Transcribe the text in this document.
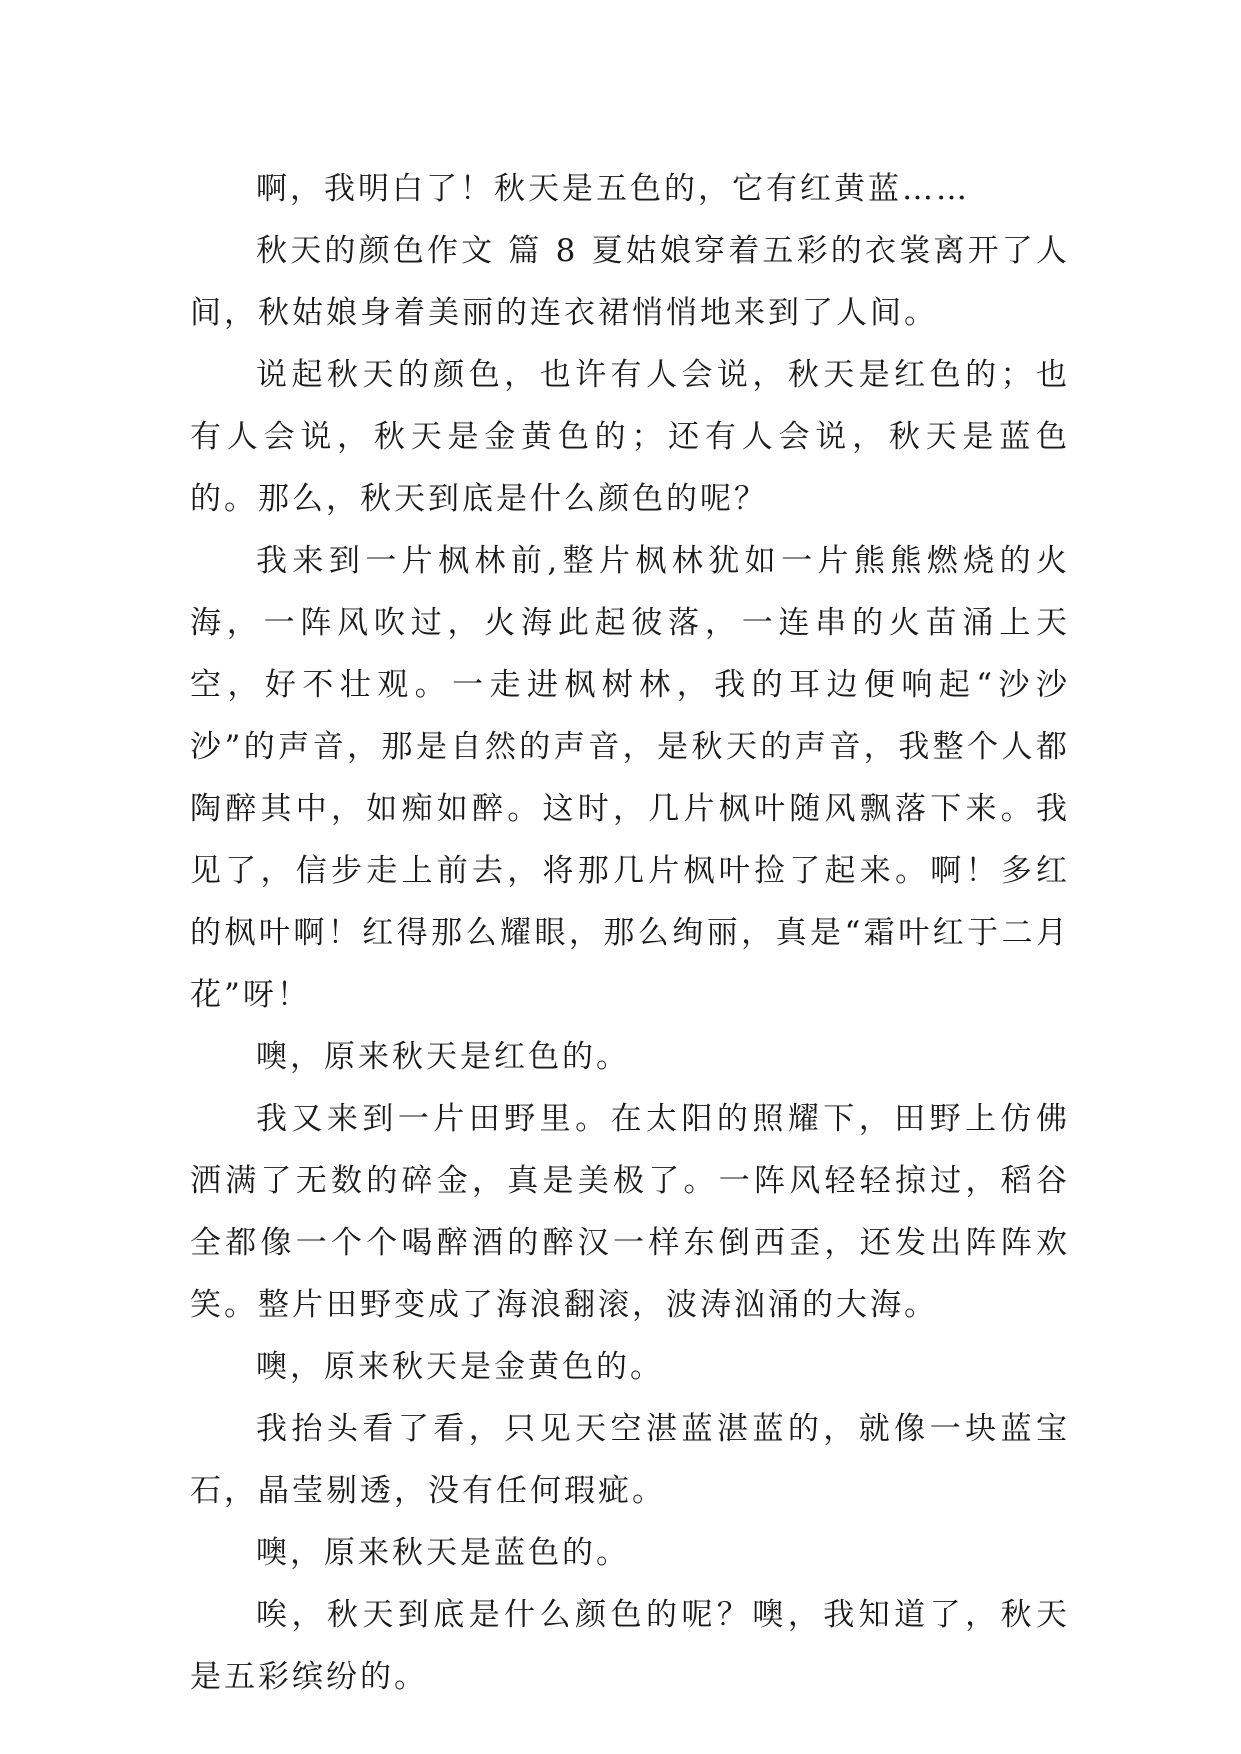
啊，我明白了！秋天是五色的，它有红黄蓝……

秋天的颜色作文 篇 8 夏姑娘穿着五彩的衣裳离开了人间，秋姑娘身着美丽的连衣裙悄悄地来到了人间。

说起秋天的颜色，也许有人会说，秋天是红色的；也有人会说，秋天是金黄色的；还有人会说，秋天是蓝色的。那么，秋天到底是什么颜色的呢？

我来到一片枫林前,整片枫林犹如一片熊熊燃烧的火海，一阵风吹过，火海此起彼落，一连串的火苗涌上天空，好不壮观。一走进枫树林，我的耳边便响起“沙沙沙”的声音，那是自然的声音，是秋天的声音，我整个人都陶醉其中，如痴如醉。这时，几片枫叶随风飘落下来。我见了，信步走上前去，将那几片枫叶捡了起来。啊！多红的枫叶啊！红得那么耀眼，那么绚丽，真是“霜叶红于二月花”呀！

噢，原来秋天是红色的。

我又来到一片田野里。在太阳的照耀下，田野上仿佛洒满了无数的碎金，真是美极了。一阵风轻轻掠过，稻谷全都像一个个喝醉酒的醉汉一样东倒西歪，还发出阵阵欢笑。整片田野变成了海浪翻滚，波涛汹涌的大海。

噢，原来秋天是金黄色的。

我抬头看了看，只见天空湛蓝湛蓝的，就像一块蓝宝石，晶莹剔透，没有任何瑕疵。

噢，原来秋天是蓝色的。

唉，秋天到底是什么颜色的呢？噢，我知道了，秋天是五彩缤纷的。
